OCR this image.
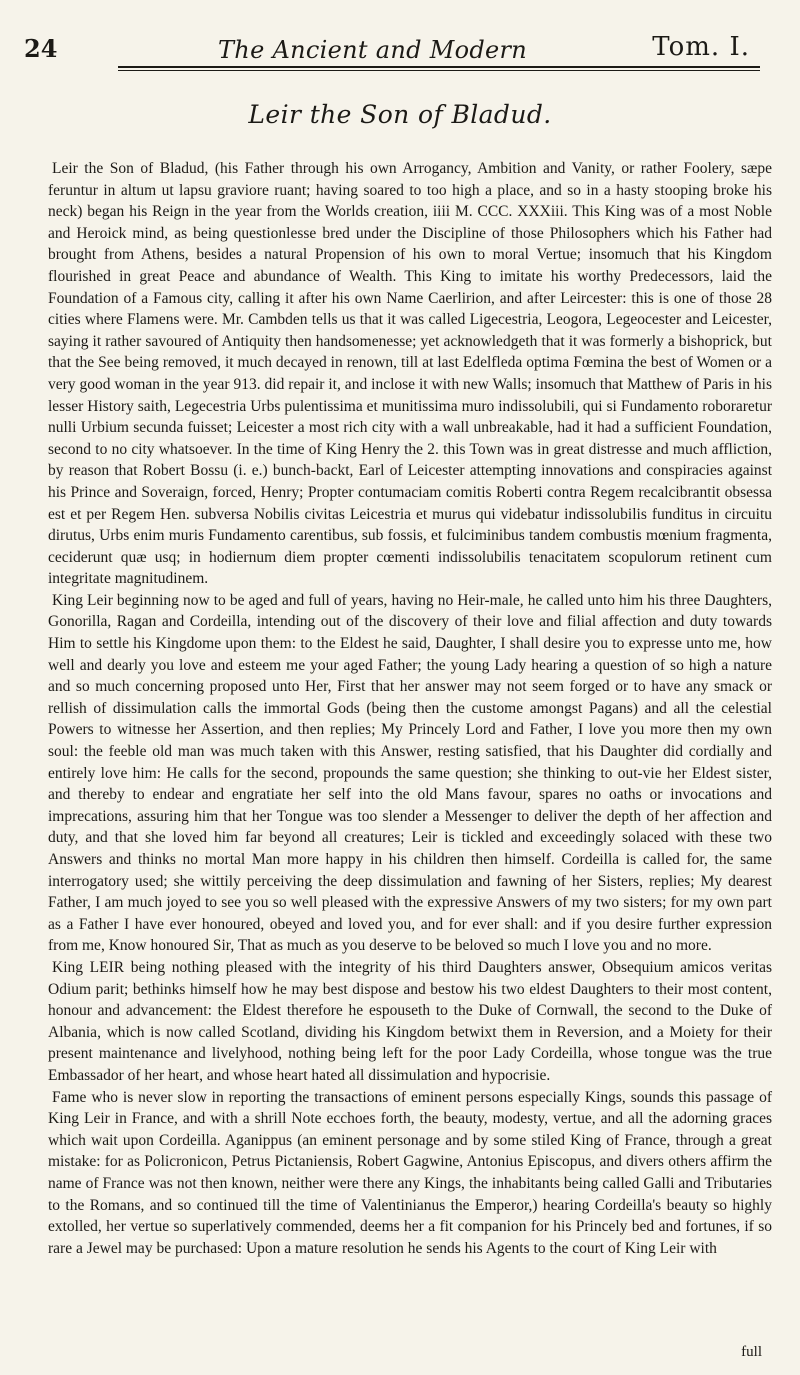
24	The Ancient and Modern	Tom. I.
Leir the Son of Bladud.

Leir the Son of Bladud, (his Father through his own Arrogancy, Ambition and Vanity, or rather Foolery, sæpe feruntur in altum ut lapsu graviore ruant; having soared to too high a place, and so in a hasty stooping broke his neck) began his Reign in the year from the Worlds creation, iiii M. CCC. XXXiii. This King was of a most Noble and Heroick mind, as being questionlesse bred under the Discipline of those Philosophers which his Father had brought from Athens, besides a natural Propension of his own to moral Vertue; insomuch that his Kingdom flourished in great Peace and abundance of Wealth. This King to imitate his worthy Predecessors, laid the Foundation of a Famous city, calling it after his own Name Caerlirion, and after Leircester: this is one of those 28 cities where Flamens were. Mr. Cambden tells us that it was called Ligecestria, Leogora, Legeocester and Leicester, saying it rather savoured of Antiquity then handsomenesse; yet acknowledgeth that it was formerly a bishoprick, but that the See being removed, it much decayed in renown, till at last Edelfleda optima Fœmina the best of Women or a very good woman in the year 913. did repair it, and inclose it with new Walls; insomuch that Matthew of Paris in his lesser History saith, Legecestria Urbs pulentissima et munitissima muro indissolubili, qui si Fundamento roboraretur nulli Urbium secunda fuisset; Leicester a most rich city with a wall unbreakable, had it had a sufficient Foundation, second to no city whatsoever. In the time of King Henry the 2. this Town was in great distresse and much affliction, by reason that Robert Bossu (i. e.) bunch-backt, Earl of Leicester attempting innovations and conspiracies against his Prince and Soveraign, forced, Henry; Propter contumaciam comitis Roberti contra Regem recalcibrantit obsessa est et per Regem Hen. subversa Nobilis civitas Leicestria et murus qui videbatur indissolubilis funditus in circuitu dirutus, Urbs enim muris Fundamento carentibus, sub fossis, et fulciminibus tandem combustis mœnium fragmenta, ceciderunt quæ usq; in hodiernum diem propter cœmenti indissolubilis tenacitatem scopulorum retinent cum integritate magnitudinem.

King Leir beginning now to be aged and full of years, having no Heir-male, he called unto him his three Daughters, Gonorilla, Ragan and Cordeilla, intending out of the discovery of their love and filial affection and duty towards Him to settle his Kingdome upon them: to the Eldest he said, Daughter, I shall desire you to expresse unto me, how well and dearly you love and esteem me your aged Father; the young Lady hearing a question of so high a nature and so much concerning proposed unto Her, First that her answer may not seem forged or to have any smack or rellish of dissimulation calls the immortal Gods (being then the custome amongst Pagans) and all the celestial Powers to witnesse her Assertion, and then replies; My Princely Lord and Father, I love you more then my own soul: the feeble old man was much taken with this Answer, resting satisfied, that his Daughter did cordially and entirely love him: He calls for the second, propounds the same question; she thinking to out-vie her Eldest sister, and thereby to endear and engratiate her self into the old Mans favour, spares no oaths or invocations and imprecations, assuring him that her Tongue was too slender a Messenger to deliver the depth of her affection and duty, and that she loved him far beyond all creatures; Leir is tickled and exceedingly solaced with these two Answers and thinks no mortal Man more happy in his children then himself. Cordeilla is called for, the same interrogatory used; she wittily perceiving the deep dissimulation and fawning of her Sisters, replies; My dearest Father, I am much joyed to see you so well pleased with the expressive Answers of my two sisters; for my own part as a Father I have ever honoured, obeyed and loved you, and for ever shall: and if you desire further expression from me, Know honoured Sir, That as much as you deserve to be beloved so much I love you and no more.

King LEIR being nothing pleased with the integrity of his third Daughters answer, Obsequium amicos veritas Odium parit; bethinks himself how he may best dispose and bestow his two eldest Daughters to their most content, honour and advancement: the Eldest therefore he espouseth to the Duke of Cornwall, the second to the Duke of Albania, which is now called Scotland, dividing his Kingdom betwixt them in Reversion, and a Moiety for their present maintenance and livelyhood, nothing being left for the poor Lady Cordeilla, whose tongue was the true Embassador of her heart, and whose heart hated all dissimulation and hypocrisie.

Fame who is never slow in reporting the transactions of eminent persons especially Kings, sounds this passage of King Leir in France, and with a shrill Note ecchoes forth, the beauty, modesty, vertue, and all the adorning graces which wait upon Cordeilla. Aganippus (an eminent personage and by some stiled King of France, through a great mistake: for as Policronicon, Petrus Pictaniensis, Robert Gagwine, Antonius Episcopus, and divers others affirm the name of France was not then known, neither were there any Kings, the inhabitants being called Galli and Tributaries to the Romans, and so continued till the time of Valentinianus the Emperor,) hearing Cordeilla's beauty so highly extolled, her vertue so superlatively commended, deems her a fit companion for his Princely bed and fortunes, if so rare a Jewel may be purchased: Upon a mature resolution he sends his Agents to the court of King Leir with

full
